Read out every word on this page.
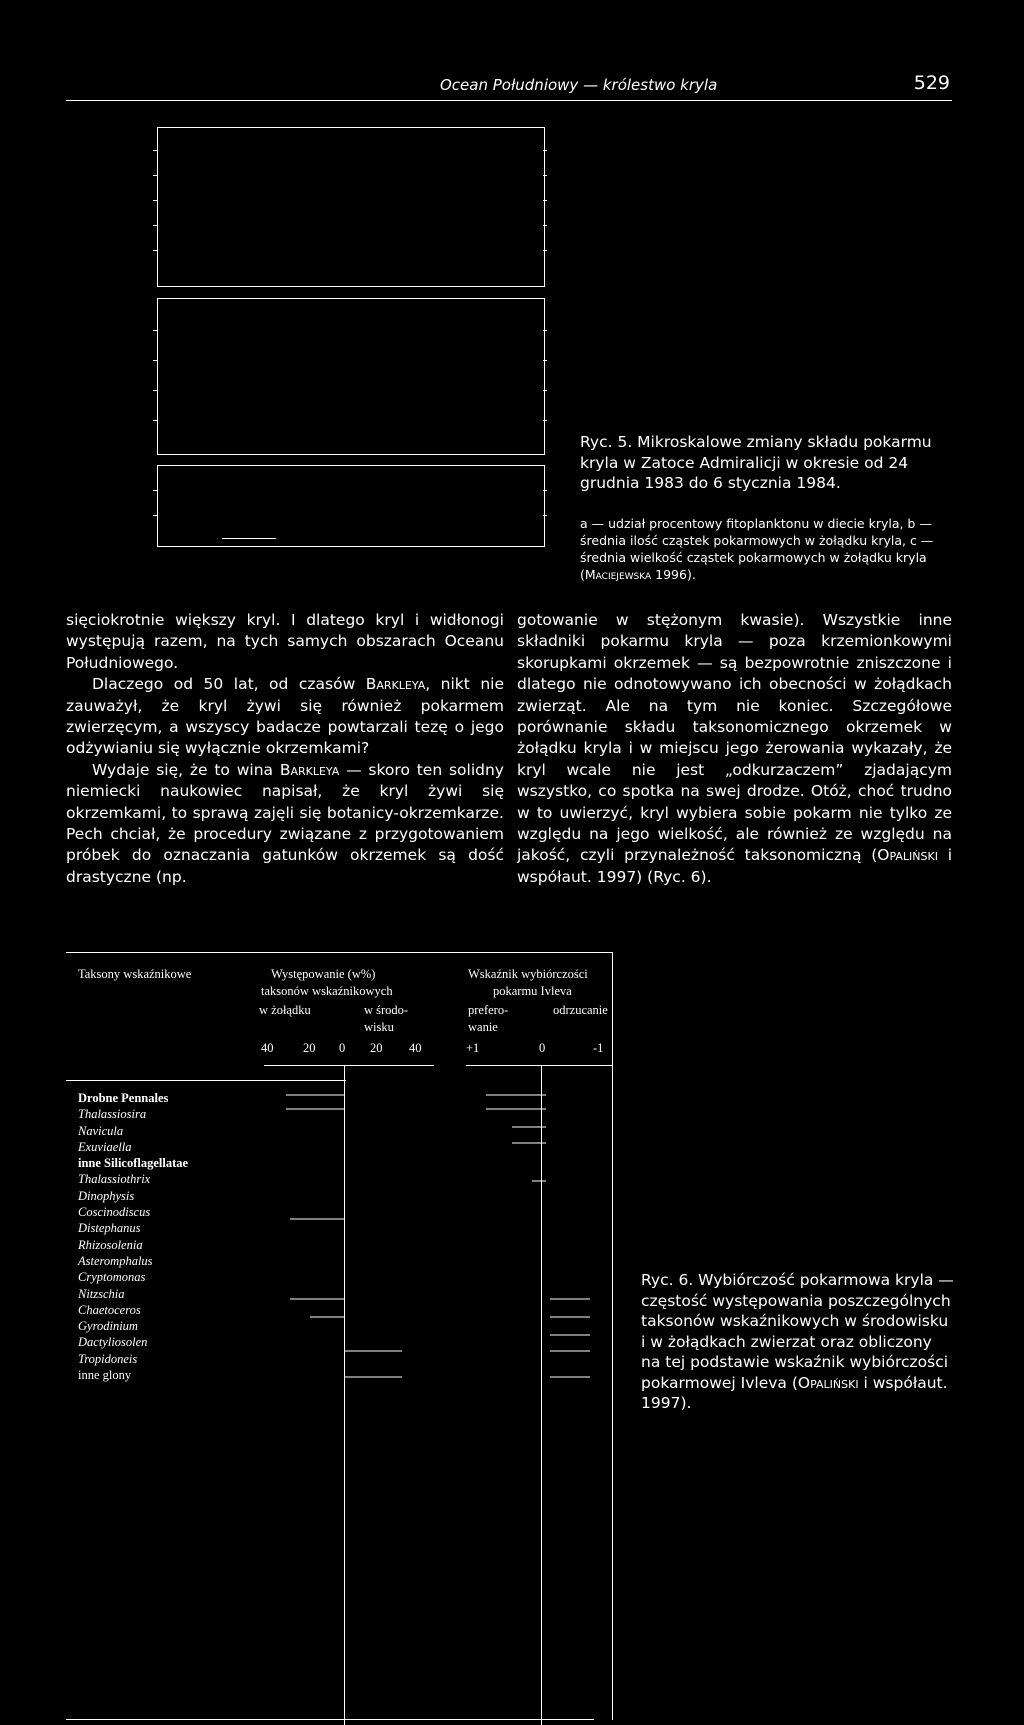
Ocean Południowy — królestwo kryla	529
Ryc. 5. Mikroskalowe zmiany składu pokarmu kryla w Zatoce Admiralicji w okresie od 24 grudnia 1983 do 6 stycznia 1984.
a — udział procentowy fitoplanktonu w diecie kryla, b — średnia ilość cząstek pokarmowych w żołądku kryla, c — średnia wielkość cząstek pokarmowych w żołądku kryla (Maciejewska 1996).

sięciokrotnie większy kryl. I dlatego kryl i widłonogi występują razem, na tych samych obszarach Oceanu Południowego.

Dlaczego od 50 lat, od czasów Barkleya, nikt nie zauważył, że kryl żywi się również pokarmem zwierzęcym, a wszyscy badacze powtarzali tezę o jego odżywianiu się wyłącznie okrzemkami?

Wydaje się, że to wina Barkleya — skoro ten solidny niemiecki naukowiec napisał, że kryl żywi się okrzemkami, to sprawą zajęli się botanicy-okrzemkarze. Pech chciał, że procedury związane z przygotowaniem próbek do oznaczania gatunków okrzemek są dość drastyczne (np.

gotowanie w stężonym kwasie). Wszystkie inne składniki pokarmu kryla — poza krzemionkowymi skorupkami okrzemek — są bezpowrotnie zniszczone i dlatego nie odnotowywano ich obecności w żołądkach zwierząt. Ale na tym nie koniec. Szczegółowe porównanie składu taksonomicznego okrzemek w żołądku kryla i w miejscu jego żerowania wykazały, że kryl wcale nie jest „odkurzaczem” zjadającym wszystko, co spotka na swej drodze. Otóż, choć trudno w to uwierzyć, kryl wybiera sobie pokarm nie tylko ze względu na jego wielkość, ale również ze względu na jakość, czyli przynależność taksonomiczną (Opaliński i współaut. 1997) (Ryc. 6).

Taksony wskaźnikowe	Występowanie (w%)
taksonów wskaźnikowych
w żołądku	w środo-
wisku
Wskaźnik wybiórczości
pokarmu Ivleva
prefero-
wanie
odrzucanie
40 20 0 20 40	+1	0	-1
Drobne Pennales
Thalassiosira
Navicula
Exuviaella
inne Silicoflagellatae
Thalassiothrix
Dinophysis
Coscinodiscus
Distephanus
Rhizosolenia
Asteromphalus
Cryptomonas
Nitzschia
Chaetoceros
Gyrodinium
Dactyliosolen
Tropidoneis
inne glony
Ryc. 6. Wybiórczość pokarmowa kryla — częstość występowania poszczególnych taksonów wskaźnikowych w środowisku i w żołądkach zwierzat oraz obliczony na tej podstawie wskaźnik wybiórczości pokarmowej Ivleva (Opaliński i współaut. 1997).
